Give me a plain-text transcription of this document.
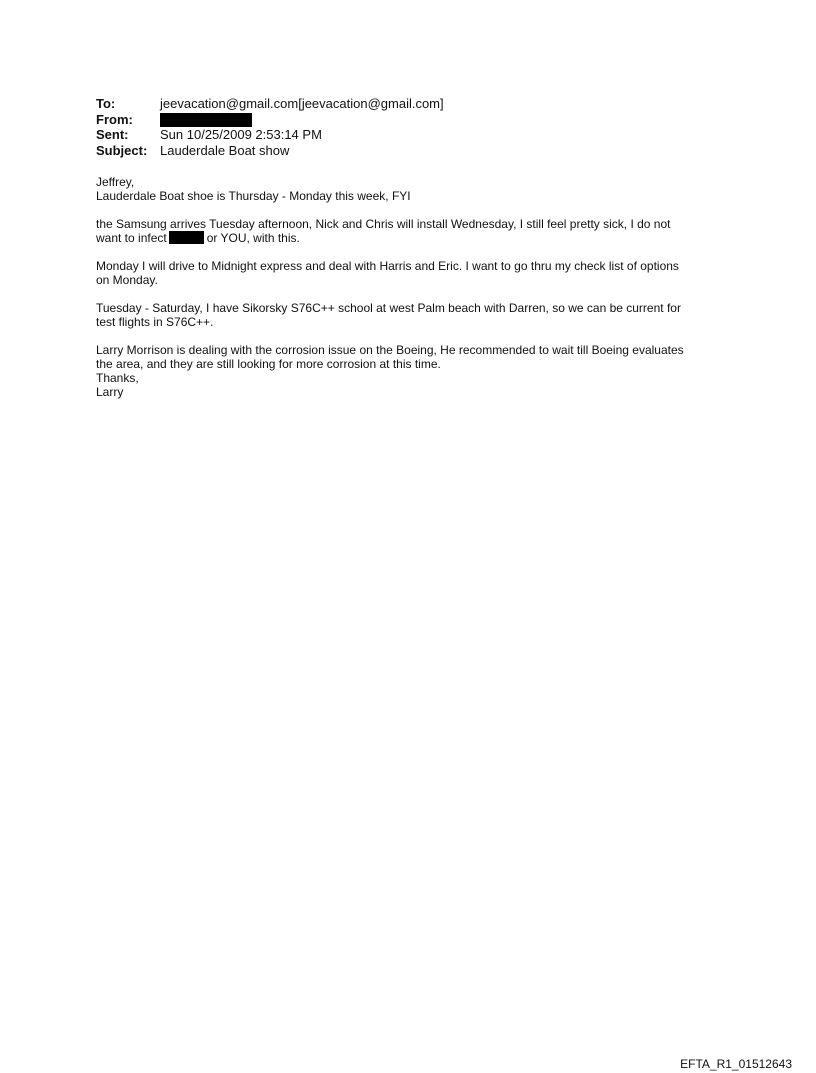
To:	jeevacation@gmail.com[jeevacation@gmail.com]
From:
Sent:	Sun 10/25/2009 2:53:14 PM
Subject: Lauderdale Boat show
Jeffrey,
Lauderdale Boat shoe is Thursday - Monday this week, FYI
the Samsung arrives Tuesday afternoon, Nick and Chris will install Wednesday, I still feel pretty sick, I do not
want to infect	or YOU, with this.
Monday I will drive to Midnight express and deal with Harris and Eric. I want to go thru my check list of options
on Monday.
Tuesday - Saturday, I have Sikorsky S76C++ school at west Palm beach with Darren, so we can be current for
test flights in S76C++.
Larry Morrison is dealing with the corrosion issue on the Boeing, He recommended to wait till Boeing evaluates
the area, and they are still looking for more corrosion at this time.
Thanks,
Larry
EFTA_R1_01512643
